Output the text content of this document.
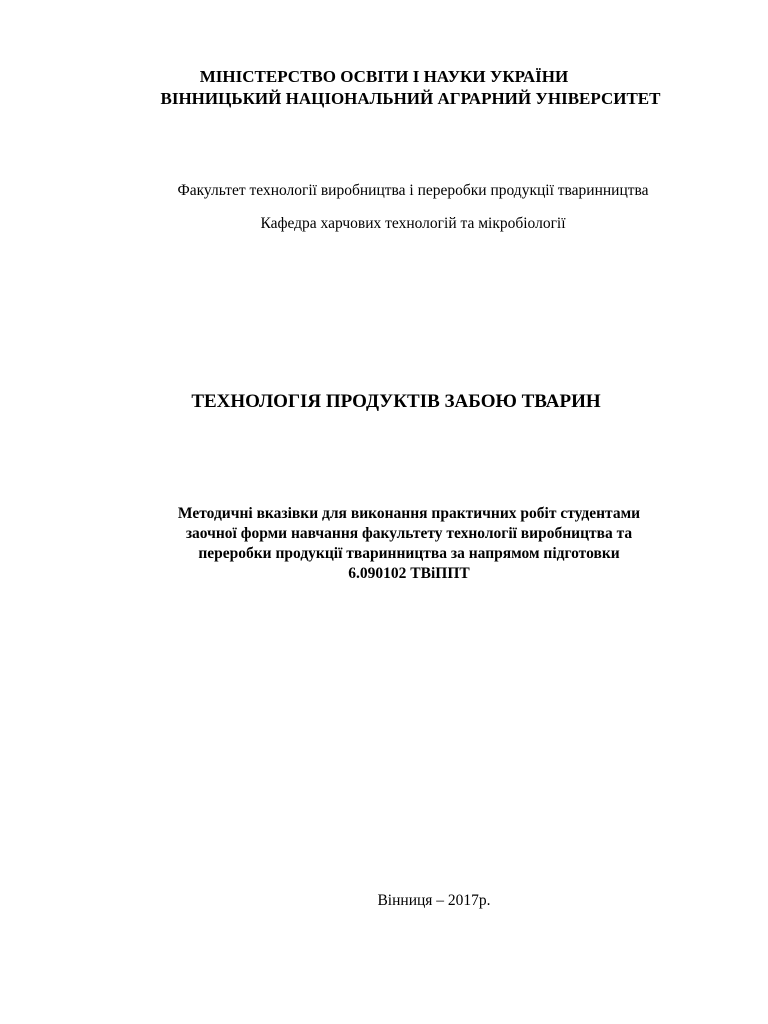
МІНІСТЕРСТВО ОСВІТИ І НАУКИ УКРАЇНИ

ВІННИЦЬКИЙ НАЦІОНАЛЬНИЙ АГРАРНИЙ УНІВЕРСИТЕТ

Факультет технології виробництва і переробки продукції тваринництва

Кафедра харчових технологій та мікробіології

ТЕХНОЛОГІЯ ПРОДУКТІВ ЗАБОЮ ТВАРИН

Методичні вказівки для виконання практичних робіт студентами
заочної форми навчання факультету технології виробництва та
переробки продукції тваринництва за напрямом підготовки
6.090102 ТВіППТ

Вінниця – 2017р.
